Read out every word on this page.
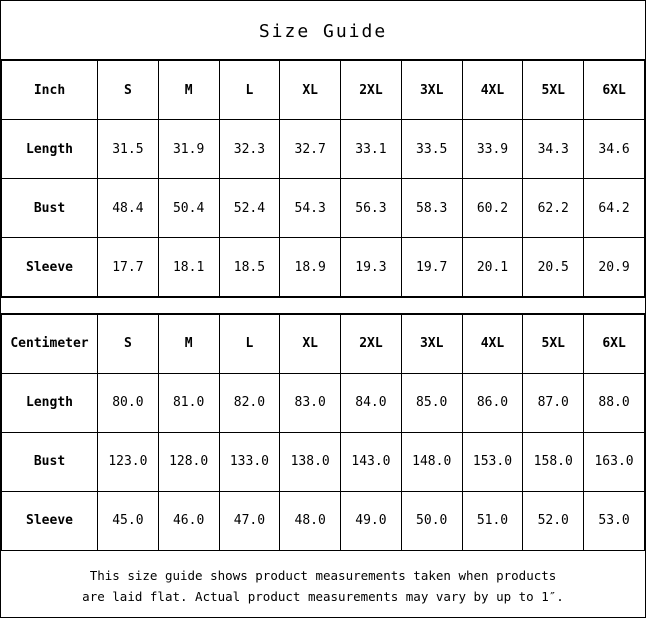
Size Guide
Inch	S	M	L	XL	2XL	3XL	4XL	5XL	6XL
Length	31.5	31.9	32.3	32.7	33.1	33.5	33.9	34.3	34.6
Bust	48.4	50.4	52.4	54.3	56.3	58.3	60.2	62.2	64.2
Sleeve	17.7	18.1	18.5	18.9	19.3	19.7	20.1	20.5	20.9
Centimeter	S	M	L	XL	2XL	3XL	4XL	5XL	6XL
Length	80.0	81.0	82.0	83.0	84.0	85.0	86.0	87.0	88.0
Bust	123.0	128.0	133.0	138.0	143.0	148.0	153.0	158.0	163.0
Sleeve	45.0	46.0	47.0	48.0	49.0	50.0	51.0	52.0	53.0
This size guide shows product measurements taken when products
are laid flat. Actual product measurements may vary by up to 1″.
